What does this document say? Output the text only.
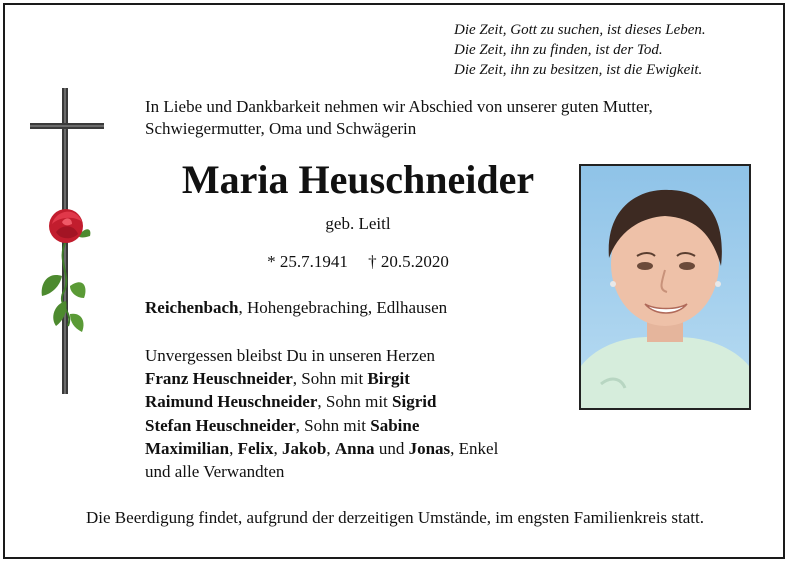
Die Zeit, Gott zu suchen, ist dieses Leben.
Die Zeit, ihn zu finden, ist der Tod.
Die Zeit, ihn zu besitzen, ist die Ewigkeit.
In Liebe und Dankbarkeit nehmen wir Abschied von unserer guten Mutter, Schwiegermutter, Oma und Schwägerin
Maria Heuschneider
geb. Leitl
* 25.7.1941 † 20.5.2020
Reichenbach, Hohengebraching, Edlhausen
Unvergessen bleibst Du in unseren Herzen
Franz Heuschneider, Sohn mit Birgit
Raimund Heuschneider, Sohn mit Sigrid
Stefan Heuschneider, Sohn mit Sabine
Maximilian, Felix, Jakob, Anna und Jonas, Enkel
und alle Verwandten
Die Beerdigung findet, aufgrund der derzeitigen Umstände, im engsten Familienkreis statt.
